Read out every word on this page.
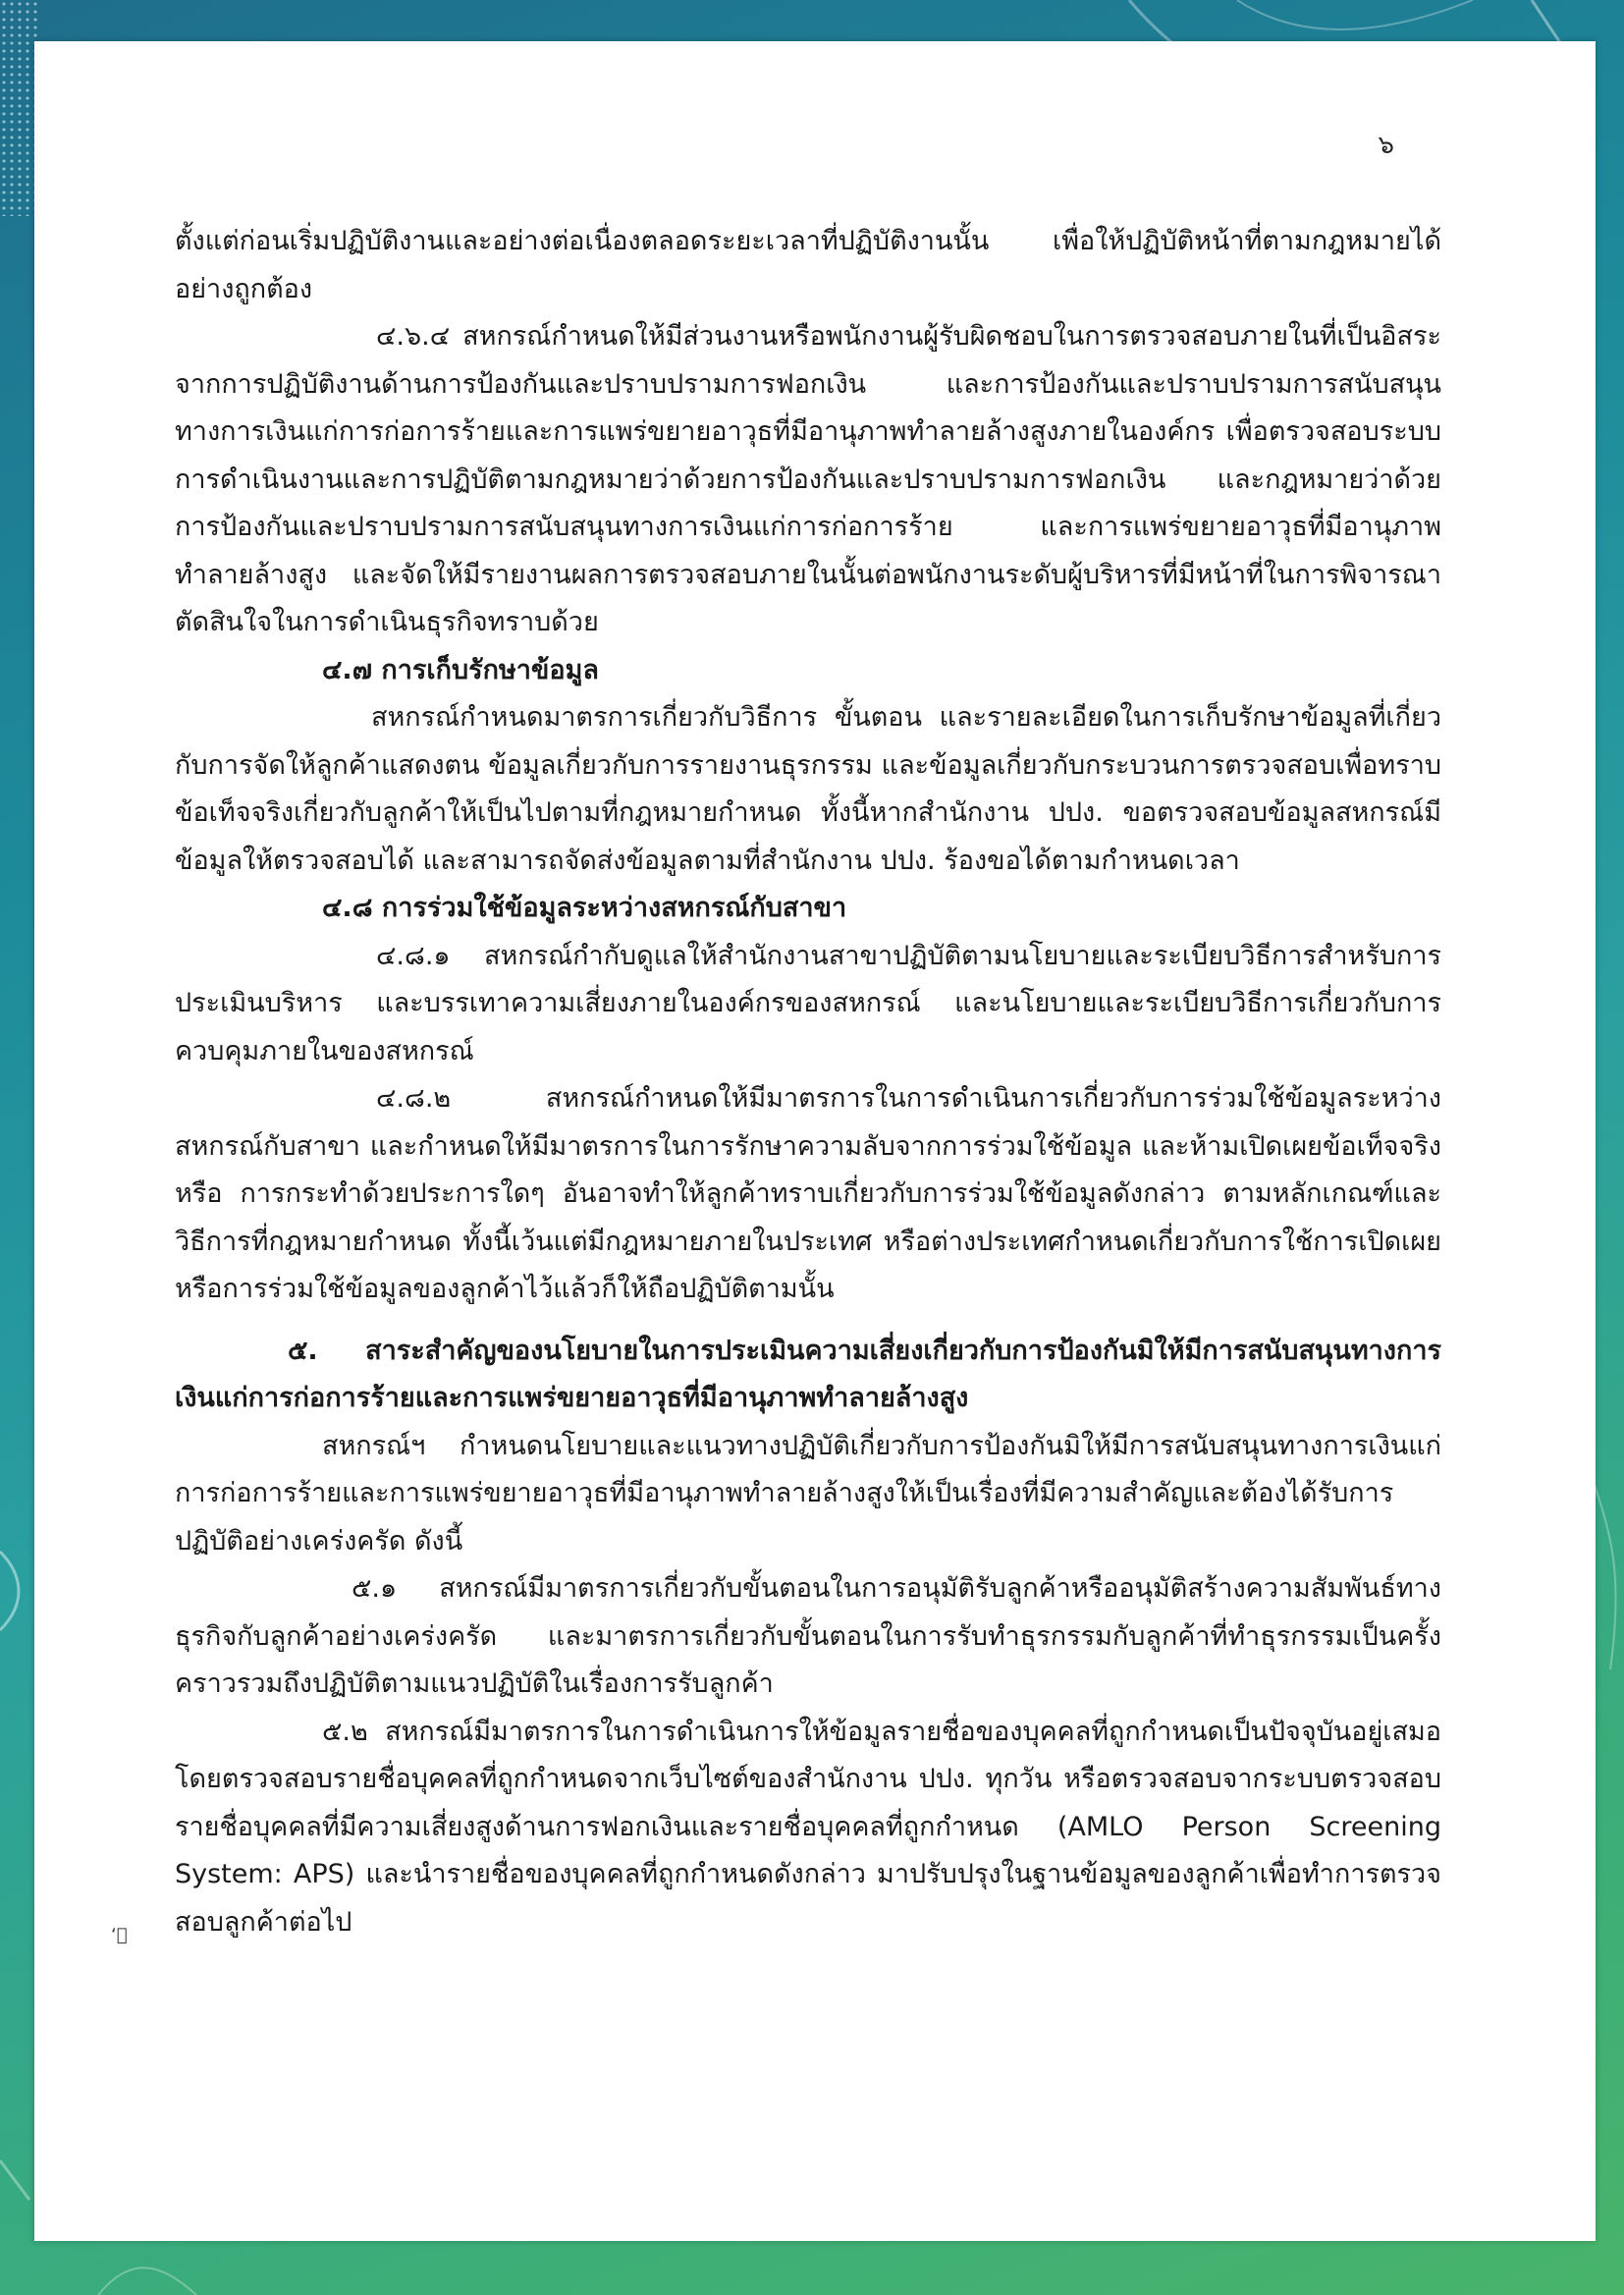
๖

ตั้งแต่ก่อนเริ่มปฏิบัติงานและอย่างต่อเนื่องตลอดระยะเวลาที่ปฏิบัติงานนั้น เพื่อให้ปฏิบัติหน้าที่ตามกฎหมายได้อย่างถูกต้อง

๔.๖.๔ สหกรณ์กำหนดให้มีส่วนงานหรือพนักงานผู้รับผิดชอบในการตรวจสอบภายในที่เป็นอิสระจากการปฏิบัติงานด้านการป้องกันและปราบปรามการฟอกเงิน และการป้องกันและปราบปรามการสนับสนุนทางการเงินแก่การก่อการร้ายและการแพร่ขยายอาวุธที่มีอานุภาพทำลายล้างสูงภายในองค์กร เพื่อตรวจสอบระบบการดำเนินงานและการปฏิบัติตามกฎหมายว่าด้วยการป้องกันและปราบปรามการฟอกเงิน และกฎหมายว่าด้วยการป้องกันและปราบปรามการสนับสนุนทางการเงินแก่การก่อการร้าย และการแพร่ขยายอาวุธที่มีอานุภาพทำลายล้างสูง และจัดให้มีรายงานผลการตรวจสอบภายในนั้นต่อพนักงานระดับผู้บริหารที่มีหน้าที่ในการพิจารณาตัดสินใจในการดำเนินธุรกิจทราบด้วย

๔.๗ การเก็บรักษาข้อมูล

สหกรณ์กำหนดมาตรการเกี่ยวกับวิธีการ ขั้นตอน และรายละเอียดในการเก็บรักษาข้อมูลที่เกี่ยวกับการจัดให้ลูกค้าแสดงตน ข้อมูลเกี่ยวกับการรายงานธุรกรรม และข้อมูลเกี่ยวกับกระบวนการตรวจสอบเพื่อทราบข้อเท็จจริงเกี่ยวกับลูกค้าให้เป็นไปตามที่กฎหมายกำหนด ทั้งนี้หากสำนักงาน ปปง. ขอตรวจสอบข้อมูลสหกรณ์มีข้อมูลให้ตรวจสอบได้ และสามารถจัดส่งข้อมูลตามที่สำนักงาน ปปง. ร้องขอได้ตามกำหนดเวลา

๔.๘ การร่วมใช้ข้อมูลระหว่างสหกรณ์กับสาขา

๔.๘.๑ สหกรณ์กำกับดูแลให้สำนักงานสาขาปฏิบัติตามนโยบายและระเบียบวิธีการสำหรับการประเมินบริหาร และบรรเทาความเสี่ยงภายในองค์กรของสหกรณ์ และนโยบายและระเบียบวิธีการเกี่ยวกับการควบคุมภายในของสหกรณ์

๔.๘.๒ สหกรณ์กำหนดให้มีมาตรการในการดำเนินการเกี่ยวกับการร่วมใช้ข้อมูลระหว่างสหกรณ์กับสาขา และกำหนดให้มีมาตรการในการรักษาความลับจากการร่วมใช้ข้อมูล และห้ามเปิดเผยข้อเท็จจริงหรือ การกระทำด้วยประการใดๆ อันอาจทำให้ลูกค้าทราบเกี่ยวกับการร่วมใช้ข้อมูลดังกล่าว ตามหลักเกณฑ์และวิธีการที่กฎหมายกำหนด ทั้งนี้เว้นแต่มีกฎหมายภายในประเทศ หรือต่างประเทศกำหนดเกี่ยวกับการใช้การเปิดเผย หรือการร่วมใช้ข้อมูลของลูกค้าไว้แล้วก็ให้ถือปฏิบัติตามนั้น

๕. สาระสำคัญของนโยบายในการประเมินความเสี่ยงเกี่ยวกับการป้องกันมิให้มีการสนับสนุนทางการเงินแก่การก่อการร้ายและการแพร่ขยายอาวุธที่มีอานุภาพทำลายล้างสูง

สหกรณ์ฯ กำหนดนโยบายและแนวทางปฏิบัติเกี่ยวกับการป้องกันมิให้มีการสนับสนุนทางการเงินแก่การก่อการร้ายและการแพร่ขยายอาวุธที่มีอานุภาพทำลายล้างสูงให้เป็นเรื่องที่มีความสำคัญและต้องได้รับการปฏิบัติอย่างเคร่งครัด ดังนี้

๕.๑ สหกรณ์มีมาตรการเกี่ยวกับขั้นตอนในการอนุมัติรับลูกค้าหรืออนุมัติสร้างความสัมพันธ์ทางธุรกิจกับลูกค้าอย่างเคร่งครัด และมาตรการเกี่ยวกับขั้นตอนในการรับทำธุรกรรมกับลูกค้าที่ทำธุรกรรมเป็นครั้งคราวรวมถึงปฏิบัติตามแนวปฏิบัติในเรื่องการรับลูกค้า

๕.๒ สหกรณ์มีมาตรการในการดำเนินการให้ข้อมูลรายชื่อของบุคคลที่ถูกกำหนดเป็นปัจจุบันอยู่เสมอโดยตรวจสอบรายชื่อบุคคลที่ถูกกำหนดจากเว็บไซต์ของสำนักงาน ปปง. ทุกวัน หรือตรวจสอบจากระบบตรวจสอบรายชื่อบุคคลที่มีความเสี่ยงสูงด้านการฟอกเงินและรายชื่อบุคคลที่ถูกกำหนด (AMLO Person Screening System: APS) และนำรายชื่อของบุคคลที่ถูกกำหนดดังกล่าว มาปรับปรุงในฐานข้อมูลของลูกค้าเพื่อทำการตรวจสอบลูกค้าต่อไป

ʻ๋
